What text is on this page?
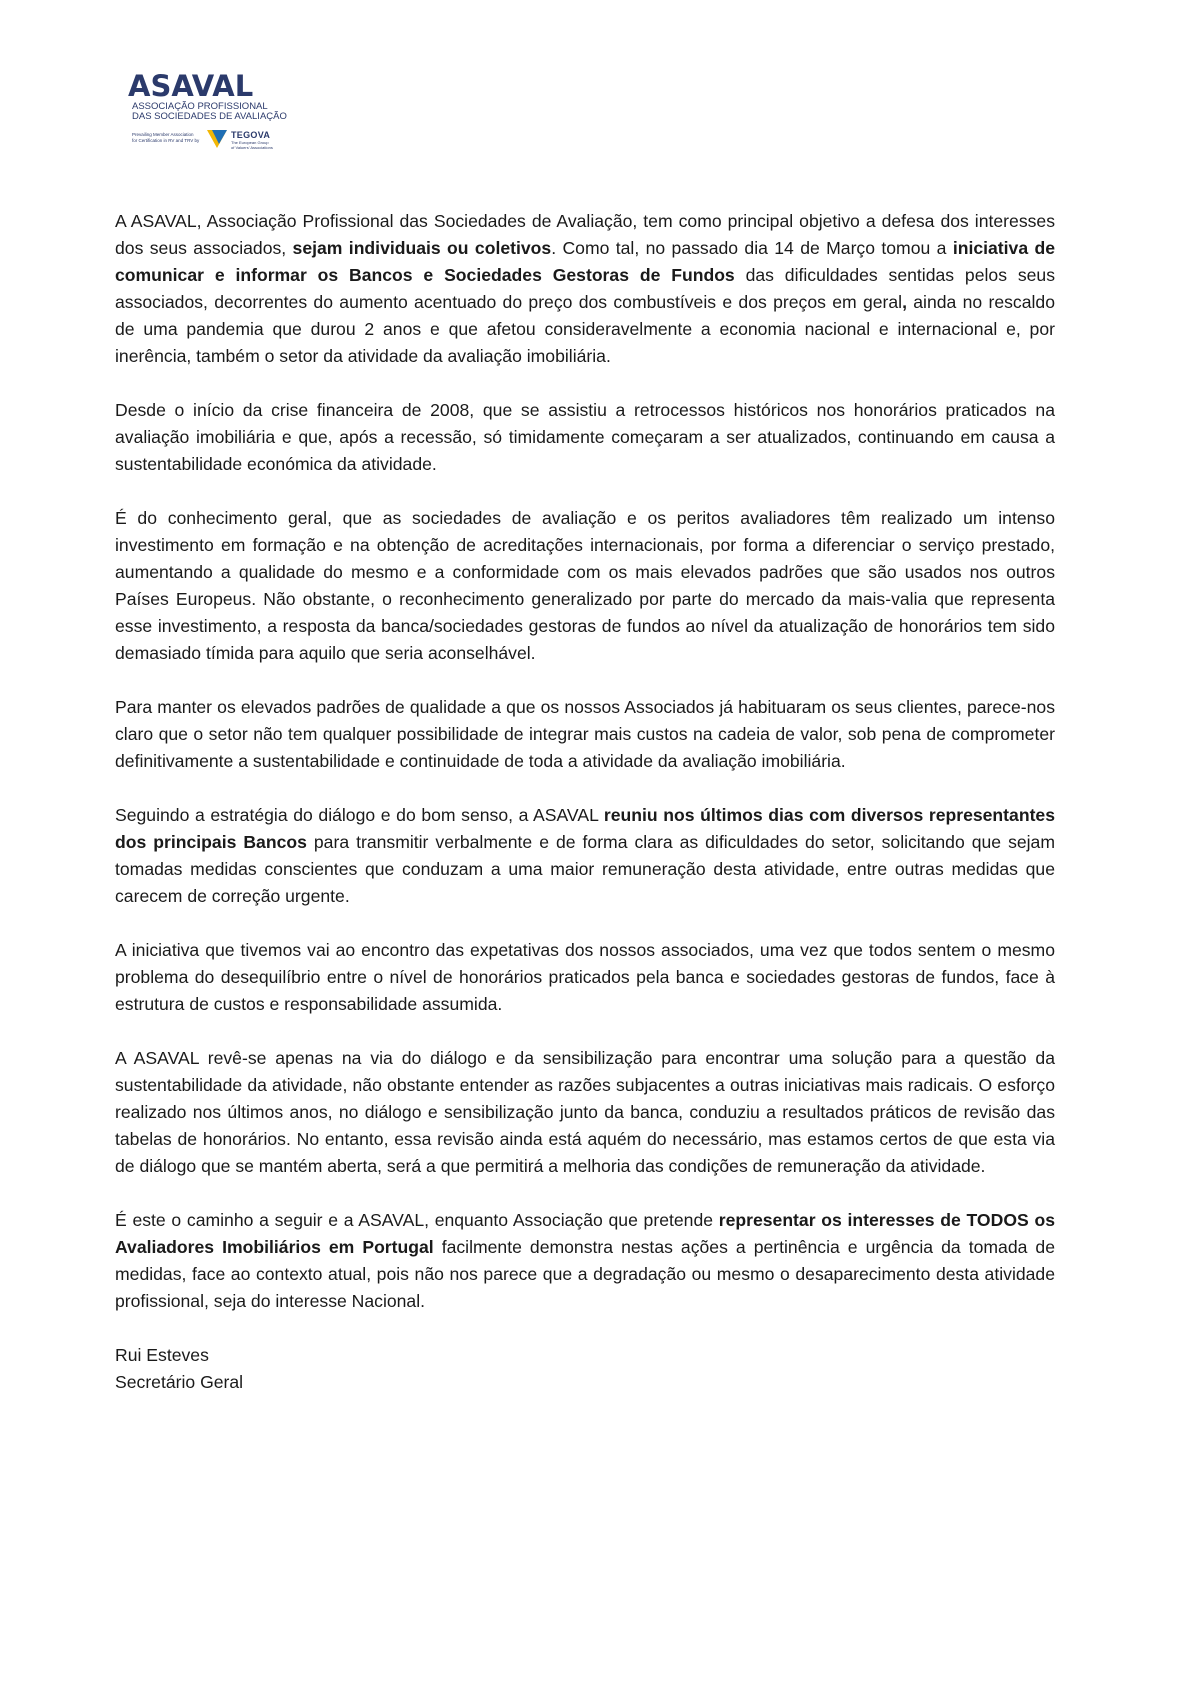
ASAVAL
ASSOCIAÇÃO PROFISSIONAL
DAS SOCIEDADES DE AVALIAÇÃO
Prevailing Member Association
for Certification in RV and TRV by	TEGOVA
The European Group
of Valuers' Associations

A ASAVAL, Associação Profissional das Sociedades de Avaliação, tem como principal objetivo a defesa dos interesses dos seus associados, sejam individuais ou coletivos. Como tal, no passado dia 14 de Março tomou a iniciativa de comunicar e informar os Bancos e Sociedades Gestoras de Fundos das dificuldades sentidas pelos seus associados, decorrentes do aumento acentuado do preço dos combustíveis e dos preços em geral, ainda no rescaldo de uma pandemia que durou 2 anos e que afetou consideravelmente a economia nacional e internacional e, por inerência, também o setor da atividade da avaliação imobiliária.

Desde o início da crise financeira de 2008, que se assistiu a retrocessos históricos nos honorários praticados na avaliação imobiliária e que, após a recessão, só timidamente começaram a ser atualizados, continuando em causa a sustentabilidade económica da atividade.

É do conhecimento geral, que as sociedades de avaliação e os peritos avaliadores têm realizado um intenso investimento em formação e na obtenção de acreditações internacionais, por forma a diferenciar o serviço prestado, aumentando a qualidade do mesmo e a conformidade com os mais elevados padrões que são usados nos outros Países Europeus. Não obstante, o reconhecimento generalizado por parte do mercado da mais-valia que representa esse investimento, a resposta da banca/sociedades gestoras de fundos ao nível da atualização de honorários tem sido demasiado tímida para aquilo que seria aconselhável.

Para manter os elevados padrões de qualidade a que os nossos Associados já habituaram os seus clientes, parece-nos claro que o setor não tem qualquer possibilidade de integrar mais custos na cadeia de valor, sob pena de comprometer definitivamente a sustentabilidade e continuidade de toda a atividade da avaliação imobiliária.

Seguindo a estratégia do diálogo e do bom senso, a ASAVAL reuniu nos últimos dias com diversos representantes dos principais Bancos para transmitir verbalmente e de forma clara as dificuldades do setor, solicitando que sejam tomadas medidas conscientes que conduzam a uma maior remuneração desta atividade, entre outras medidas que carecem de correção urgente.

A iniciativa que tivemos vai ao encontro das expetativas dos nossos associados, uma vez que todos sentem o mesmo problema do desequilíbrio entre o nível de honorários praticados pela banca e sociedades gestoras de fundos, face à estrutura de custos e responsabilidade assumida.

A ASAVAL revê-se apenas na via do diálogo e da sensibilização para encontrar uma solução para a questão da sustentabilidade da atividade, não obstante entender as razões subjacentes a outras iniciativas mais radicais. O esforço realizado nos últimos anos, no diálogo e sensibilização junto da banca, conduziu a resultados práticos de revisão das tabelas de honorários. No entanto, essa revisão ainda está aquém do necessário, mas estamos certos de que esta via de diálogo que se mantém aberta, será a que permitirá a melhoria das condições de remuneração da atividade.

É este o caminho a seguir e a ASAVAL, enquanto Associação que pretende representar os interesses de TODOS os Avaliadores Imobiliários em Portugal facilmente demonstra nestas ações a pertinência e urgência da tomada de medidas, face ao contexto atual, pois não nos parece que a degradação ou mesmo o desaparecimento desta atividade profissional, seja do interesse Nacional.

Rui Esteves
Secretário Geral
